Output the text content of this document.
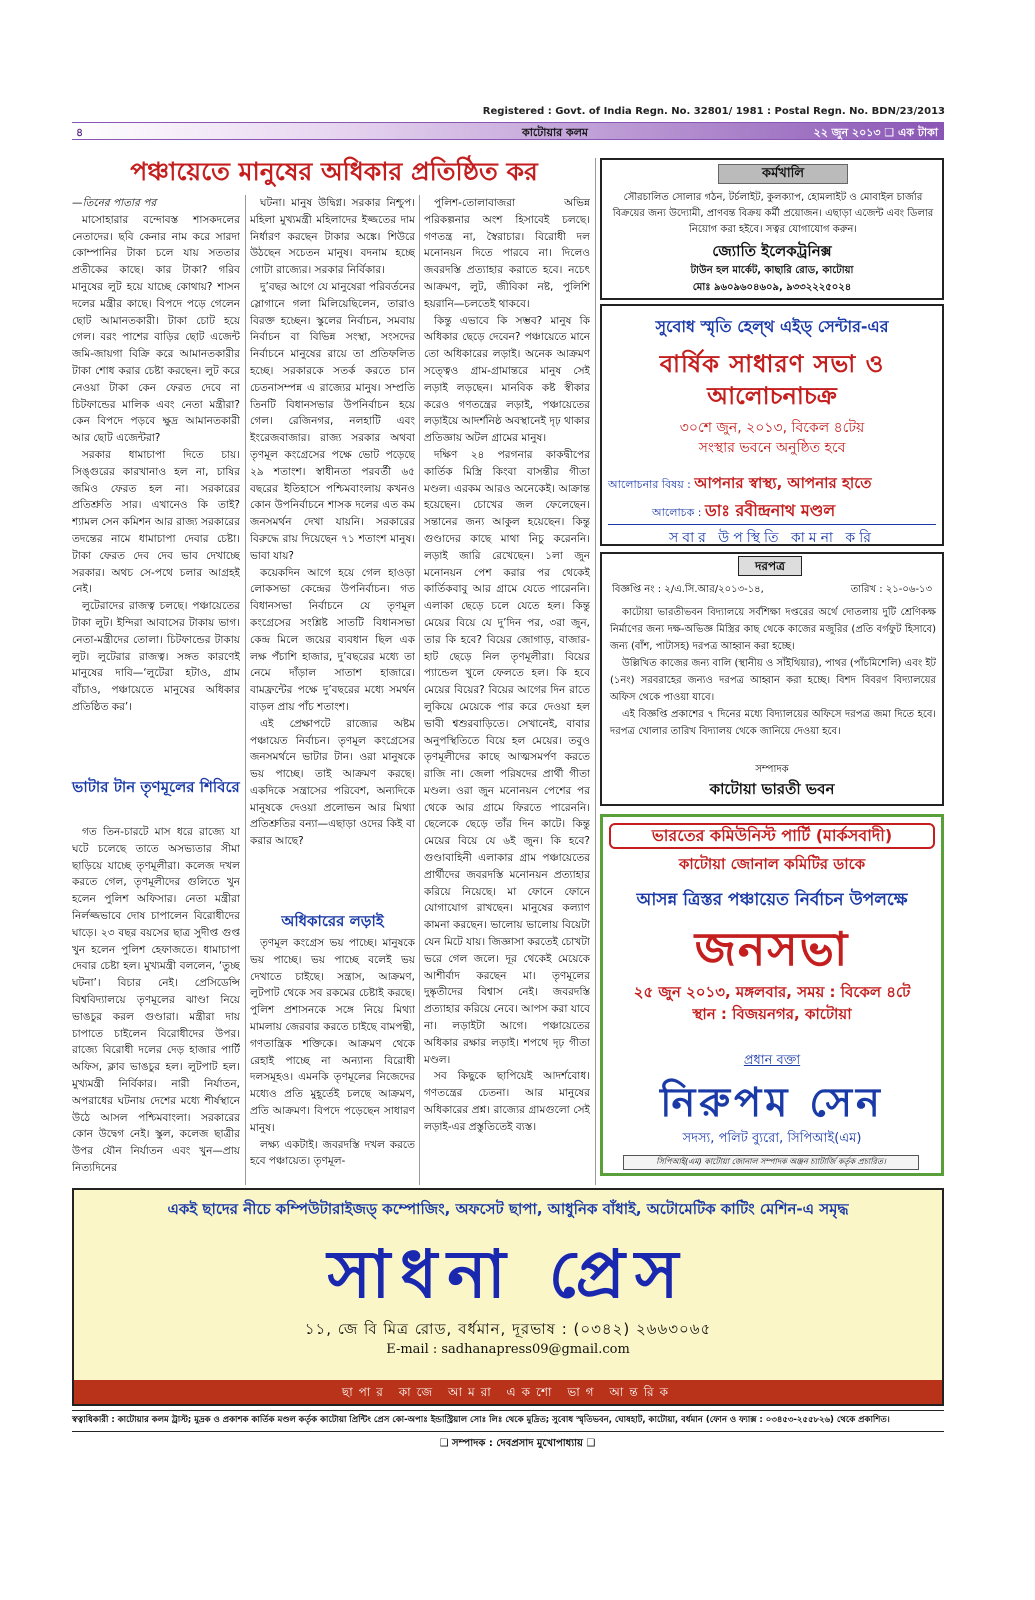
Registered : Govt. of India Regn. No. 32801/ 1981 : Postal Regn. No. BDN/23/2013
৪	কাটোয়ার কলম	২২ জুন ২০১৩ ❑ এক টাকা
পঞ্চায়েতে মানুষের অধিকার প্রতিষ্ঠিত কর

—তিনের পাতার পর

মাসোহারার বন্দোবস্ত শাসকদলের নেতাদের। ছবি কেনার নাম করে সারদা কোম্পানির টাকা চলে যায় সততার প্রতীকের কাছে। কার টাকা? গরিব মানুষের লুট হয়ে যাচ্ছে কোথায়? শাসন দলের মন্ত্রীর কাছে। বিপদে পড়ে গেলেন ছোট আমানতকারী। টাকা চোট হয়ে গেল। বরং পাশের বাড়ির ছোট এজেন্ট জমি-জায়গা বিক্রি করে আমানতকারীর টাকা শোধ করার চেষ্টা করছেন। লুট করে নেওয়া টাকা কেন ফেরত দেবে না চিটফান্ডের মালিক এবং নেতা মন্ত্রীরা? কেন বিপদে পড়বে ক্ষুদ্র আমানতকারী আর ছোট এজেন্টরা?

সরকার ধামাচাপা দিতে চায়। সিঙ্গুরের কারখানাও হল না, চাষির জমিও ফেরত হল না। সরকারের প্রতিশ্রুতি সার। এখানেও কি তাই? শ্যামল সেন কমিশন আর রাজ্য সরকারের তদন্তের নামে ধামাচাপা দেবার চেষ্টা। টাকা ফেরত দেব দেব ভাব দেখাচ্ছে সরকার। অথচ সে-পথে চলার আগ্রহই নেই।

লুটেরাদের রাজত্ব চলছে। পঞ্চায়েতের টাকা লুট। ইন্দিরা আবাসের টাকায় ভাগ। নেতা-মন্ত্রীদের তোলা। চিটফান্ডের টাকায় লুট। লুটেরার রাজত্ব। সঙ্গত কারণেই মানুষের দাবি—‘লুটেরা হটাও, গ্রাম বাঁচাও, পঞ্চায়েতে মানুষের অধিকার প্রতিষ্ঠিত কর’।

ভাটার টান তৃণমূলের শিবিরে

গত তিন-চারটে মাস ধরে রাজ্যে যা ঘটে চলেছে তাতে অসভ্যতার সীমা ছাড়িয়ে যাচ্ছে তৃণমূলীরা। কলেজ দখল করতে গেল, তৃণমূলীদের গুলিতে খুন হলেন পুলিশ অফিসার। নেতা মন্ত্রীরা নির্লজ্জভাবে দোষ চাপালেন বিরোধীদের ঘাড়ে। ২৩ বছর বয়সের ছাত্র সুদীপ্ত গুপ্ত খুন হলেন পুলিশ হেফাজতে। ধামাচাপা দেবার চেষ্টা হল। মুখ্যমন্ত্রী বললেন, ‘তুচ্ছ ঘটনা’। বিচার নেই। প্রেসিডেন্সি বিশ্ববিদ্যালয়ে তৃণমূলের ঝাণ্ডা নিয়ে ভাঙচুর করল গুণ্ডারা। মন্ত্রীরা দায় চাপাতে চাইলেন বিরোধীদের উপর। রাজ্যে বিরোধী দলের দেড় হাজার পার্টি অফিস, ক্লাব ভাঙচুর হল। লুটপাট হল। মুখ্যমন্ত্রী নির্বিকার। নারী নির্যাতন, অপরাধের ঘটনায় দেশের মধ্যে শীর্ষস্থানে উঠে আসল পশ্চিমবাংলা। সরকারের কোন উদ্বেগ নেই। স্কুল, কলেজ ছাত্রীর উপর যৌন নির্যাতন এবং খুন—প্রায় নিত্যদিনের

ঘটনা। মানুষ উদ্বিগ্ন। সরকার নিশ্চুপ। মহিলা মুখ্যমন্ত্রী মহিলাদের ইজ্জতের দাম নির্ধারণ করছেন টাকার অঙ্কে। শিউরে উঠছেন সচেতন মানুষ। বদনাম হচ্ছে গোটা রাজ্যের। সরকার নির্বিকার।

দু’বছর আগে যে মানুষেরা পরিবর্তনের স্লোগানে গলা মিলিয়েছিলেন, তারাও বিরক্ত হচ্ছেন। স্কুলের নির্বাচন, সমবায় নির্বাচন বা বিভিন্ন সংস্থা, সংসদের নির্বাচনে মানুষের রায়ে তা প্রতিফলিত হচ্ছে। সরকারকে সতর্ক করতে চান চেতনাসম্পন্ন এ রাজ্যের মানুষ। সম্প্রতি তিনটি বিধানসভার উপনির্বাচন হয়ে গেল। রেজিনগর, নলহাটি এবং ইংরেজবাজার। রাজ্য সরকার অথবা তৃণমূল কংগ্রেসের পক্ষে ভোট পড়েছে ২৯ শতাংশ। স্বাধীনতা পরবর্তী ৬৫ বছরের ইতিহাসে পশ্চিমবাংলায় কখনও কোন উপনির্বাচনে শাসক দলের এত কম জনসমর্থন দেখা যায়নি। সরকারের বিরুদ্ধে রায় দিয়েছেন ৭১ শতাংশ মানুষ। ভাবা যায়?

কয়েকদিন আগে হয়ে গেল হাওড়া লোকসভা কেন্দ্রের উপনির্বাচন। গত বিধানসভা নির্বাচনে যে তৃণমূল কংগ্রেসের সংশ্লিষ্ট সাতটি বিধানসভা কেন্দ্র মিলে জয়ের ব্যবধান ছিল এক লক্ষ পঁচাশি হাজার, দু’বছরের মধ্যে তা নেমে দাঁড়াল সাতাশ হাজারে। বামফ্রন্টের পক্ষে দু’বছরের মধ্যে সমর্থন বাড়ল প্রায় পাঁচ শতাংশ।

এই প্রেক্ষাপটে রাজ্যের অষ্টম পঞ্চায়েত নির্বাচন। তৃণমূল কংগ্রেসের জনসমর্থনে ভাটার টান। ওরা মানুষকে ভয় পাচ্ছে। তাই আক্রমণ করছে। একদিকে সন্ত্রাসের পরিবেশ, অন্যদিকে মানুষকে দেওয়া প্রলোভন আর মিথ্যা প্রতিশ্রুতির বন্যা—এছাড়া ওদের কিই বা করার আছে?

অধিকারের লড়াই

তৃণমূল কংগ্রেস ভয় পাচ্ছে। মানুষকে ভয় পাচ্ছে। ভয় পাচ্ছে বলেই ভয় দেখাতে চাইছে। সন্ত্রাস, আক্রমণ, লুটপাট থেকে সব রকমের চেষ্টাই করছে। পুলিশ প্রশাসনকে সঙ্গে নিয়ে মিথ্যা মামলায় জেরবার করতে চাইছে বামপন্থী, গণতান্ত্রিক শক্তিকে। আক্রমণ থেকে রেহাই পাচ্ছে না অন্যান্য বিরোধী দলসমূহও। এমনকি তৃণমূলের নিজেদের মধ্যেও প্রতি মুহূর্তেই চলছে আক্রমণ, প্রতি আক্রমণ। বিপদে পড়েছেন সাধারণ মানুষ।

লক্ষ্য একটাই। জবরদস্তি দখল করতে হবে পঞ্চায়েত। তৃণমূল-

পুলিশ-তোলাবাজরা অভিন্ন পরিকল্পনার অংশ হিসাবেই চলছে। গণতন্ত্র না, স্বৈরাচার। বিরোধী দল মনোনয়ন দিতে পারবে না। দিলেও জবরদস্তি প্রত্যাহার করাতে হবে। নচেৎ আক্রমণ, লুট, জীবিকা নষ্ট, পুলিশি হয়রানি—চলতেই থাকবে।

কিন্তু এভাবে কি সম্ভব? মানুষ কি অধিকার ছেড়ে দেবেন? পঞ্চায়েতে মানে তো অধিকারের লড়াই। অনেক আক্রমণ সত্ত্বেও গ্রাম-গ্রামান্তরে মানুষ সেই লড়াই লড়ছেন। মানবিক কষ্ট স্বীকার করেও গণতন্ত্রের লড়াই, পঞ্চায়েতের লড়াইয়ে আদর্শনিষ্ঠ অবস্থানেই দৃঢ় থাকার প্রতিজ্ঞায় অটল গ্রামের মানুষ।

দক্ষিণ ২৪ পরগনার কাকদ্বীপের কার্তিক মিস্ত্রি কিংবা বাসন্তীর গীতা মণ্ডল। এরকম আরও অনেকেই। আক্রান্ত হয়েছেন। চোখের জল ফেলেছেন। সন্তানের জন্য আকুল হয়েছেন। কিন্তু গুণ্ডাদের কাছে মাথা নিচু করেননি। লড়াই জারি রেখেছেন। ১লা জুন মনোনয়ন পেশ করার পর থেকেই কার্তিকবাবু আর গ্রামে যেতে পারেননি। এলাকা ছেড়ে চলে যেতে হল। কিন্তু মেয়ের বিয়ে যে দু’দিন পর, ৩রা জুন, তার কি হবে? বিয়ের জোগাড়, বাজার-হাট ছেড়ে নিল তৃণমূলীরা। বিয়ের প্যান্ডেল খুলে ফেলতে হল। কি হবে মেয়ের বিয়ের? বিয়ের আগের দিন রাতে লুকিয়ে মেয়েকে পার করে দেওয়া হল ভাবী শ্বশুরবাড়িতে। সেখানেই, বাবার অনুপস্থিতিতে বিয়ে হল মেয়ের। তবুও তৃণমূলীদের কাছে আত্মসমর্পণ করতে রাজি না। জেলা পরিষদের প্রার্থী গীতা মণ্ডল। ওরা জুন মনোনয়ন পেশের পর থেকে আর গ্রামে ফিরতে পারেননি। ছেলেকে ছেড়ে তাঁর দিন কাটে। কিন্তু মেয়ের বিয়ে যে ৬ই জুন। কি হবে? গুণ্ডাবাহিনী এলাকার গ্রাম পঞ্চায়েতের প্রার্থীদের জবরদস্তি মনোনয়ন প্রত্যাহার করিয়ে নিয়েছে। মা ফোনে ফোনে যোগাযোগ রাখছেন। মানুষের কল্যাণ কামনা করছেন। ভালোয় ভালোয় বিয়েটা যেন মিটে যায়। জিজ্ঞাসা করতেই চোখটা ভরে গেল জলে। দূর থেকেই মেয়েকে আশীর্বাদ করছেন মা। তৃণমূলের দুষ্কৃতীদের বিশ্বাস নেই। জবরদস্তি প্রত্যাহার করিয়ে নেবে। আপস করা যাবে না। লড়াইটা আগে। পঞ্চায়েতের অধিকার রক্ষার লড়াই। শপথে দৃঢ় গীতা মণ্ডল।

সব কিছুকে ছাপিয়েই আদর্শবোধ। গণতন্ত্রের চেতনা। আর মানুষের অধিকারের প্রশ্ন। রাজ্যের গ্রামগুলো সেই লড়াই-এর প্রস্তুতিতেই ব্যস্ত।

কর্মখালি
সৌরচালিত সোলার গঠন, টর্চলাইট, কুলক্যাপ, হোমলাইট ও মোবাইল চার্জার বিক্রয়ের জন্য উদ্যোমী, প্রাণবন্ত বিক্রয় কর্মী প্রয়োজন। এছাড়া এজেন্ট এবং ডিলার নিয়োগ করা হইবে। সত্বর যোগাযোগ করুন।
জ্যোতি ইলেকট্রনিক্স
টাউন হল মার্কেট, কাছারি রোড, কাটোয়া
মোঃ ৯৬০৯৬০৪৬০৯, ৯৩৩২২২৫০২৪
সুবোধ স্মৃতি হেল্থ এইড্ সেন্টার-এর
বার্ষিক সাধারণ সভা ও
আলোচনাচক্র
৩০শে জুন, ২০১৩, বিকেল ৪টেয়
সংস্থার ভবনে অনুষ্ঠিত হবে
আলোচনার বিষয় : আপনার স্বাস্থ্য, আপনার হাতে
আলোচক : ডাঃ রবীন্দ্রনাথ মণ্ডল
সবার উপস্থিতি কামনা করি
দরপত্র
বিজ্ঞপ্তি নং : ২/এ.সি.আর/২০১৩-১৪,	তারিখ : ২১-০৬-১৩

কাটোয়া ভারতীভবন বিদ্যালয়ে সর্বশিক্ষা দপ্তরের অর্থে দোতলায় দুটি শ্রেণিকক্ষ নির্মাণের জন্য দক্ষ-অভিজ্ঞ মিস্ত্রির কাছ থেকে কাজের মজুরির (প্রতি বর্গফুট হিসাবে) জন্য (বাঁশ, পাটাসহ) দরপত্র আহ্বান করা হচ্ছে।

উল্লিখিত কাজের জন্য বালি (স্থানীয় ও সাঁইথিয়ার), পাথর (পাঁচমিশেলি) এবং ইট (১নং) সরবরাহের জন্যও দরপত্র আহ্বান করা হচ্ছে। বিশদ বিবরণ বিদ্যালয়ের অফিস থেকে পাওয়া যাবে।

এই বিজ্ঞপ্তি প্রকাশের ৭ দিনের মধ্যে বিদ্যালয়ের অফিসে দরপত্র জমা দিতে হবে। দরপত্র খোলার তারিখ বিদ্যালয় থেকে জানিয়ে দেওয়া হবে।

সম্পাদক
কাটোয়া ভারতী ভবন
ভারতের কমিউনিস্ট পার্টি (মার্কসবাদী)
কাটোয়া জোনাল কমিটির ডাকে
আসন্ন ত্রিস্তর পঞ্চায়েত নির্বাচন উপলক্ষে
জনসভা
২৫ জুন ২০১৩, মঙ্গলবার, সময় : বিকেল ৪টে
স্থান : বিজয়নগর, কাটোয়া
প্রধান বক্তা
নিরুপম সেন
সদস্য, পলিট ব্যুরো, সিপিআই(এম)
সিপিআই(এম) কাটোয়া জোনাল সম্পাদক অঞ্জন চ্যাটার্জি কর্তৃক প্রচারিত।
একই ছাদের নীচে কম্পিউটারাইজড্ কম্পোজিং, অফসেট ছাপা, আধুনিক বাঁধাই, অটোমেটিক কাটিং মেশিন-এ সমৃদ্ধ
সাধনা প্রেস
১১, জে বি মিত্র রোড, বর্ধমান, দূরভাষ : (০৩৪২) ২৬৬৩০৬৫
E-mail : sadhanapress09@gmail.com
ছাপার কাজে আমরা একশো ভাগ আন্তরিক
স্বত্বাধিকারী : কাটোয়ার কলম ট্রাস্ট; মুদ্রক ও প্রকাশক কার্তিক মণ্ডল কর্তৃক কাটোয়া প্রিন্টিং প্রেস কো-অপাঃ ইন্ডাস্ট্রিয়াল সোঃ লিঃ থেকে মুদ্রিত; সুবোধ স্মৃতিভবন, ঘোষহাট, কাটোয়া, বর্ধমান (ফোন ও ফ্যাক্স : ০৩৪৫৩-২৫৫৮২৬) থেকে প্রকাশিত।
❑ সম্পাদক : দেবপ্রসাদ মুখোপাধ্যায় ❑
